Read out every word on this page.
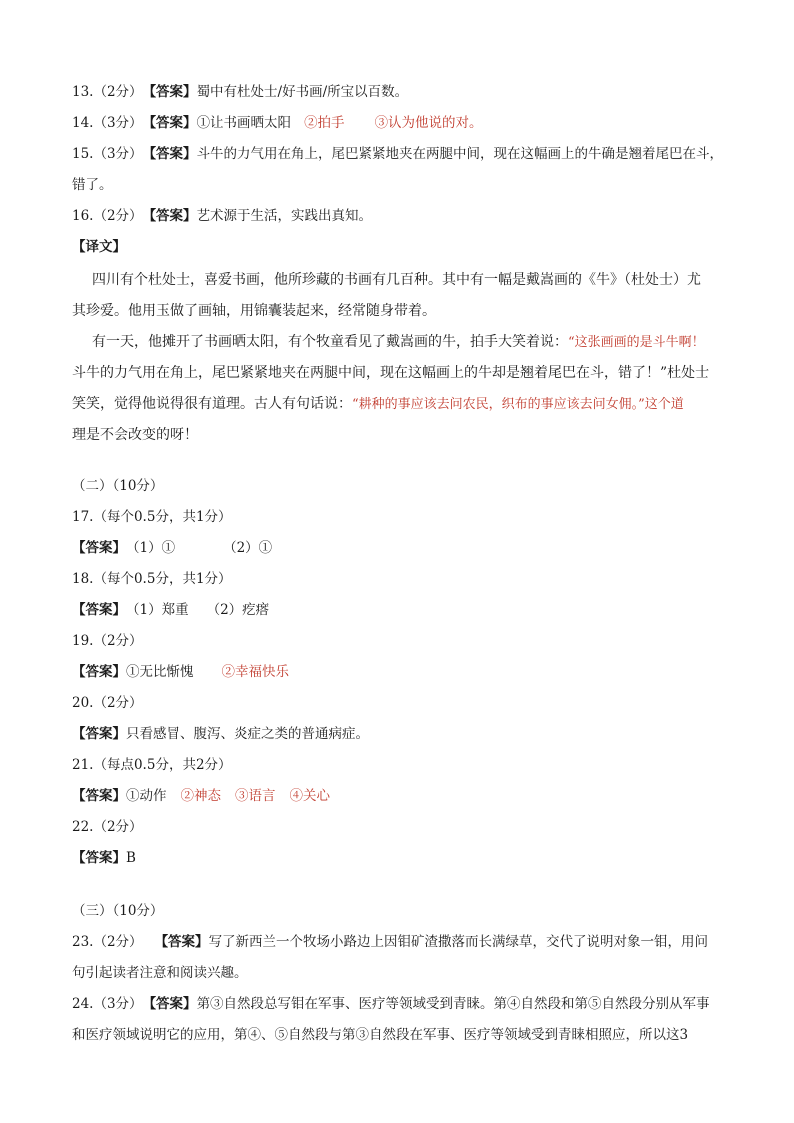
13.（2分） 【答案】 蜀中有杜处士/好书画/所宝以百数。
14.（3分） 【答案】 ①让书画晒太阳 ②拍手 ③认为他说的对。
15.（3分） 【答案】 斗牛的力气用在角上，尾巴紧紧地夹在两腿中间，现在这幅画上的牛确是翘着尾巴在斗，
错了。
16.（2分） 【答案】 艺术源于生活，实践出真知。
【译文】
四川有个杜处士，喜爱书画，他所珍藏的书画有几百种。其中有一幅是戴嵩画的《牛》（杜处士）尤
其珍爱。他用玉做了画轴，用锦囊装起来，经常随身带着。
有一天，他摊开了书画晒太阳，有个牧童看见了戴嵩画的牛，拍手大笑着说： “这张画画的是斗牛啊！
斗牛的力气用在角上，尾巴紧紧地夹在两腿中间，现在这幅画上的牛却是翘着尾巴在斗，错了！”杜处士
笑笑，觉得他说得很有道理。古人有句话说： “耕种的事应该去问农民，织布的事应该去问女佣。”这个道
理是不会改变的呀！
（二）（10分）
17.（每个0.5分，共1分）
【答案】 （1）①	（2）①
18.（每个0.5分，共1分）
【答案】 （1）郑重 （2）疙瘩
19.（2分）
【答案】 ①无比惭愧 ②幸福快乐
20.（2分）
【答案】 只看感冒、腹泻、炎症之类的普通病症。
21.（每点0.5分，共2分）
【答案】 ①动作 ②神态 ③语言 ④关心
22.（2分）
【答案】 B
（三）（10分）
23.（2分） 【答案】 写了新西兰一个牧场小路边上因钼矿渣撒落而长满绿草，交代了说明对象一钼，用问
句引起读者注意和阅读兴趣。
24.（3分） 【答案】 第③自然段总写钼在军事、医疗等领域受到青睐。第④自然段和第⑤自然段分别从军事
和医疗领域说明它的应用，第④、⑤自然段与第③自然段在军事、医疗等领域受到青睐相照应，所以这3
